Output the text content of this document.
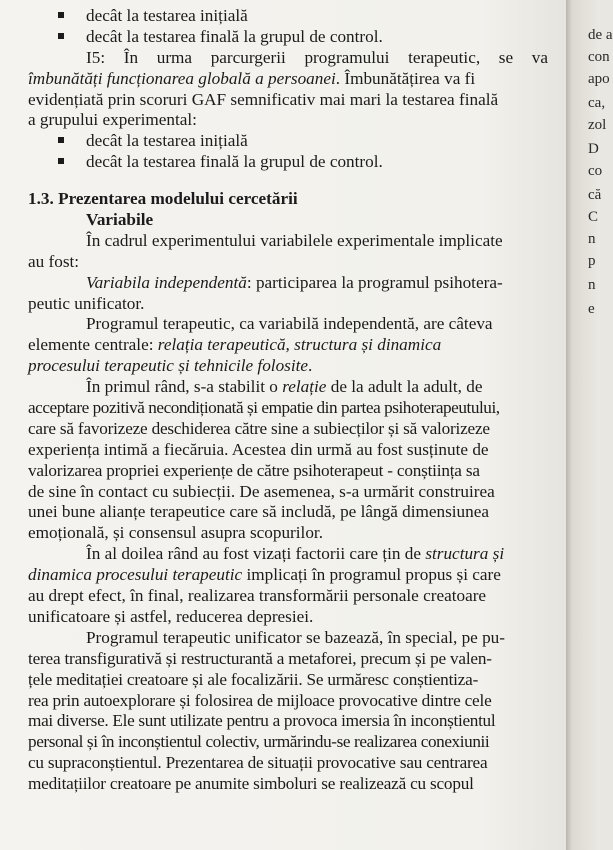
decât la testarea inițială
decât la testarea finală la grupul de control.
I5: În urma parcurgerii programului terapeutic, se va
îmbunătăți funcționarea globală a persoanei. Îmbunătățirea va fi
evidențiată prin scoruri GAF semnificativ mai mari la testarea finală
a grupului experimental:
decât la testarea inițială
decât la testarea finală la grupul de control.
1.3. Prezentarea modelului cercetării
Variabile
În cadrul experimentului variabilele experimentale implicate
au fost:
Variabila independentă: participarea la programul psihotera-
peutic unificator.
Programul terapeutic, ca variabilă independentă, are câteva
elemente centrale: relația terapeutică, structura și dinamica
procesului terapeutic și tehnicile folosite.
În primul rând, s-a stabilit o relație de la adult la adult, de
acceptare pozitivă necondiționată și empatie din partea psihoterapeutului,
care să favorizeze deschiderea către sine a subiecților și să valorizeze
experiența intimă a fiecăruia. Acestea din urmă au fost susținute de
valorizarea propriei experiențe de către psihoterapeut - conștiința sa
de sine în contact cu subiecții. De asemenea, s-a urmărit construirea
unei bune alianțe terapeutice care să includă, pe lângă dimensiunea
emoțională, și consensul asupra scopurilor.
În al doilea rând au fost vizați factorii care țin de structura și
dinamica procesului terapeutic implicați în programul propus și care
au drept efect, în final, realizarea transformării personale creatoare
unificatoare și astfel, reducerea depresiei.
Programul terapeutic unificator se bazează, în special, pe pu-
terea transfigurativă și restructurantă a metaforei, precum și pe valen-
țele meditației creatoare și ale focalizării. Se urmăresc conștientiza-
rea prin autoexplorare și folosirea de mijloace provocative dintre cele
mai diverse. Ele sunt utilizate pentru a provoca imersia în inconștientul
personal și în inconștientul colectiv, urmărindu-se realizarea conexiunii
cu supraconștientul. Prezentarea de situații provocative sau centrarea
meditațiilor creatoare pe anumite simboluri se realizează cu scopul
de a
con
apo
ca,
zol
D
co
că
C
n
p
n
e
